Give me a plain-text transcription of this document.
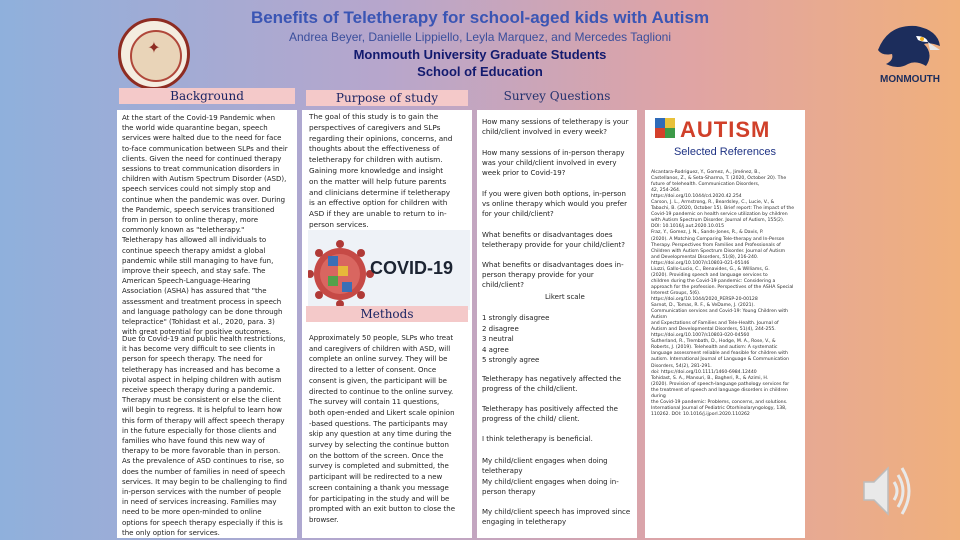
Benefits of Teletherapy for school-aged kids with Autism
Andrea Beyer, Danielle Lippiello, Leyla Marquez, and Mercedes Taglioni
Monmouth University Graduate Students
School of Education
✦
MONMOUTH
Background
At the start of the Covid-19 Pandemic when
the world wide quarantine began, speech
services were halted due to the need for face
to-face communication between SLPs and their
clients. Given the need for continued therapy
sessions to treat communication disorders in
children with Autism Spectrum Disorder (ASD),
speech services could not simply stop and
continue when the pandemic was over. During
the Pandemic, speech services transitioned
from in person to online therapy, more
commonly known as "teletherapy."
Teletherapy has allowed all individuals to
continue speech therapy amidst a global
pandemic while still managing to have fun,
improve their speech, and stay safe. The
American Speech-Language-Hearing
Association (ASHA) has assured that "the
assessment and treatment process in speech
and language pathology can be done through
telepractice" (Tohidast et al., 2020, para. 3)
with great potential for positive outcomes.
Due to Covid-19 and public health restrictions,
it has become very difficult to see clients in
person for speech therapy. The need for
teletherapy has increased and has become a
pivotal aspect in helping children with autism
receive speech therapy during a pandemic.
Therapy must be consistent or else the client
will begin to regress. It is helpful to learn how
this form of therapy will affect speech therapy
in the future especially for those clients and
families who have found this new way of
therapy to be more favorable than in person.
As the prevalence of ASD continues to rise, so
does the number of families in need of speech
services. It may begin to be challenging to find
in-person services with the number of people
in need of services increasing. Families may
need to be more open-minded to online
options for speech therapy especially if this is
the only option for services.
Purpose of study
The goal of this study is to gain the
perspectives of caregivers and SLPs
regarding their opinions, concerns, and
thoughts about the effectiveness of
teletherapy for children with autism.
Gaining more knowledge and insight
on the matter will help future parents
and clinicians determine if teletherapy
is an effective option for children with
ASD if they are unable to return to in-
person services.
COVID-19
Methods
Approximately 50 people, SLPs who treat
and caregivers of children with ASD, will
complete an online survey. They will be
directed to a letter of consent. Once
consent is given, the participant will be
directed to continue to the online survey.
The survey will contain 11 questions,
both open-ended and Likert scale opinion
-based questions. The participants may
skip any question at any time during the
survey by selecting the continue button
on the bottom of the screen. Once the
survey is completed and submitted, the
participant will be redirected to a new
screen containing a thank you message
for participating in the study and will be
prompted with an exit button to close the
browser.
Survey Questions
How many sessions of teletherapy is your child/client involved in every week?
How many sessions of in-person therapy was your child/client involved in every week prior to Covid-19?
If you were given both options, in-person vs online therapy which would you prefer for your child/client?
What benefits or disadvantages does teletherapy provide for your child/client?
What benefits or disadvantages does in-person therapy provide for your child/client?
Likert scale
1 strongly disagree
2 disagree
3 neutral
4 agree
5 strongly agree
Teletherapy has negatively affected the progress of the child/client.
Teletherapy has positively affected the progress of the child/ client.
I think teletherapy is beneficial.
My child/client engages when doing teletherapy
My child/client engages when doing in-person therapy
My child/client speech has improved since engaging in teletherapy
AUTISM
Selected References
Alcantara-Rodriguez, Y., Gomez, A., Jiménez, B.,
Castellanos, Z., & Seta-Sharma, T. (2020, October 20). The
future of telehealth. Communication Disorders,
42, 254-264.
https://doi.org/10.1044/cd.2020.42.254
Carson, J. L., Armstrong, R., Beardsley, C., Lucie, V., &
Tabachi, B. (2020, October 15). Brief report: The impact of the
Covid-19 pandemic on health service utilization by children
with Autism Spectrum Disorder. Journal of Autism, 155(2).
DOI: 10.1016/j.aut.2020.10.015
Fraz, Y., Gomez, J. N., Sands-Jones, R., & Davis, P.
(2020). A Matching Comparing Tele-therapy and In-Person
Therapy. Perspectives from Families and Professionals of
Children with Autism Spectrum Disorder. Journal of Autism
and Developmental Disorders, 51(8), 216-240.
https://doi.org/10.1007/s10803-021-05146
Liuzzi, Gallo-Lucio, C., Benavides, G., & Williams, G.
(2020). Providing speech and language services to
children during the Covid-19 pandemic: Considering a
approach for the profession. Perspectives of the ASHA Special
Interest Groups, 5(6).
https://doi.org/10.1044/2020_PERSP-20-00128
Sarnot, D., Tomas, R. F., & VeDame, J. (2021).
Communication services and Covid-19: Young Children with Autism
and Expectations of Families and Tele-Health. Journal of
Autism and Developmental Disorders, 51(4), 244-255.
https://doi.org/10.1007/s10803-020-04560
Sutherland, R., Trembath, D., Hodge, M. A., Rose, V., &
Roberts, J. (2019). Telehealth and autism: A systematic
language assessment reliable and feasible for children with
autism. International Journal of Language & Communication
Disorders, 54(2), 281-291.
doi: https://doi.org/10.1111/1460-6984.12440
Tohidast, S. A., Mansuri, B., Bagheri, R., & Azimi, H.
(2020). Provision of speech-language pathology services for
the treatment of speech and language disorders in children during
the Covid-19 pandemic: Problems, concerns, and solutions.
International Journal of Pediatric Otorhinolaryngology, 138,
110262. DOI: 10.1016/j.ijporl.2020.110262
